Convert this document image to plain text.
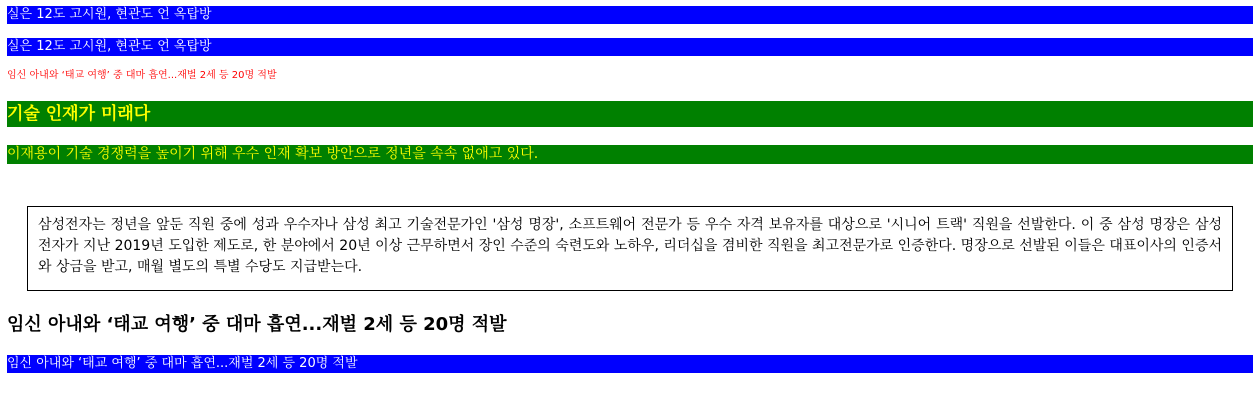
실은 12도 고시원, 현관도 언 옥탑방
실은 12도 고시원, 현관도 언 옥탑방
임신 아내와 ‘태교 여행’ 중 대마 흡연...재벌 2세 등 20명 적발
기술 인재가 미래다
이재용이 기술 경쟁력을 높이기 위해 우수 인재 확보 방안으로 정년을 속속 없애고 있다.
삼성전자는 정년을 앞둔 직원 중에 성과 우수자나 삼성 최고 기술전문가인 '삼성 명장', 소프트웨어 전문가 등 우수 자격 보유자를 대상으로 '시니어 트랙' 직원을 선발한다. 이 중 삼성 명장은 삼성전자가 지난 2019년 도입한 제도로, 한 분야에서 20년 이상 근무하면서 장인 수준의 숙련도와 노하우, 리더십을 겸비한 직원을 최고전문가로 인증한다. 명장으로 선발된 이들은 대표이사의 인증서와 상금을 받고, 매월 별도의 특별 수당도 지급받는다.
임신 아내와 ‘태교 여행’ 중 대마 흡연...재벌 2세 등 20명 적발
임신 아내와 ‘태교 여행’ 중 대마 흡연...재벌 2세 등 20명 적발
